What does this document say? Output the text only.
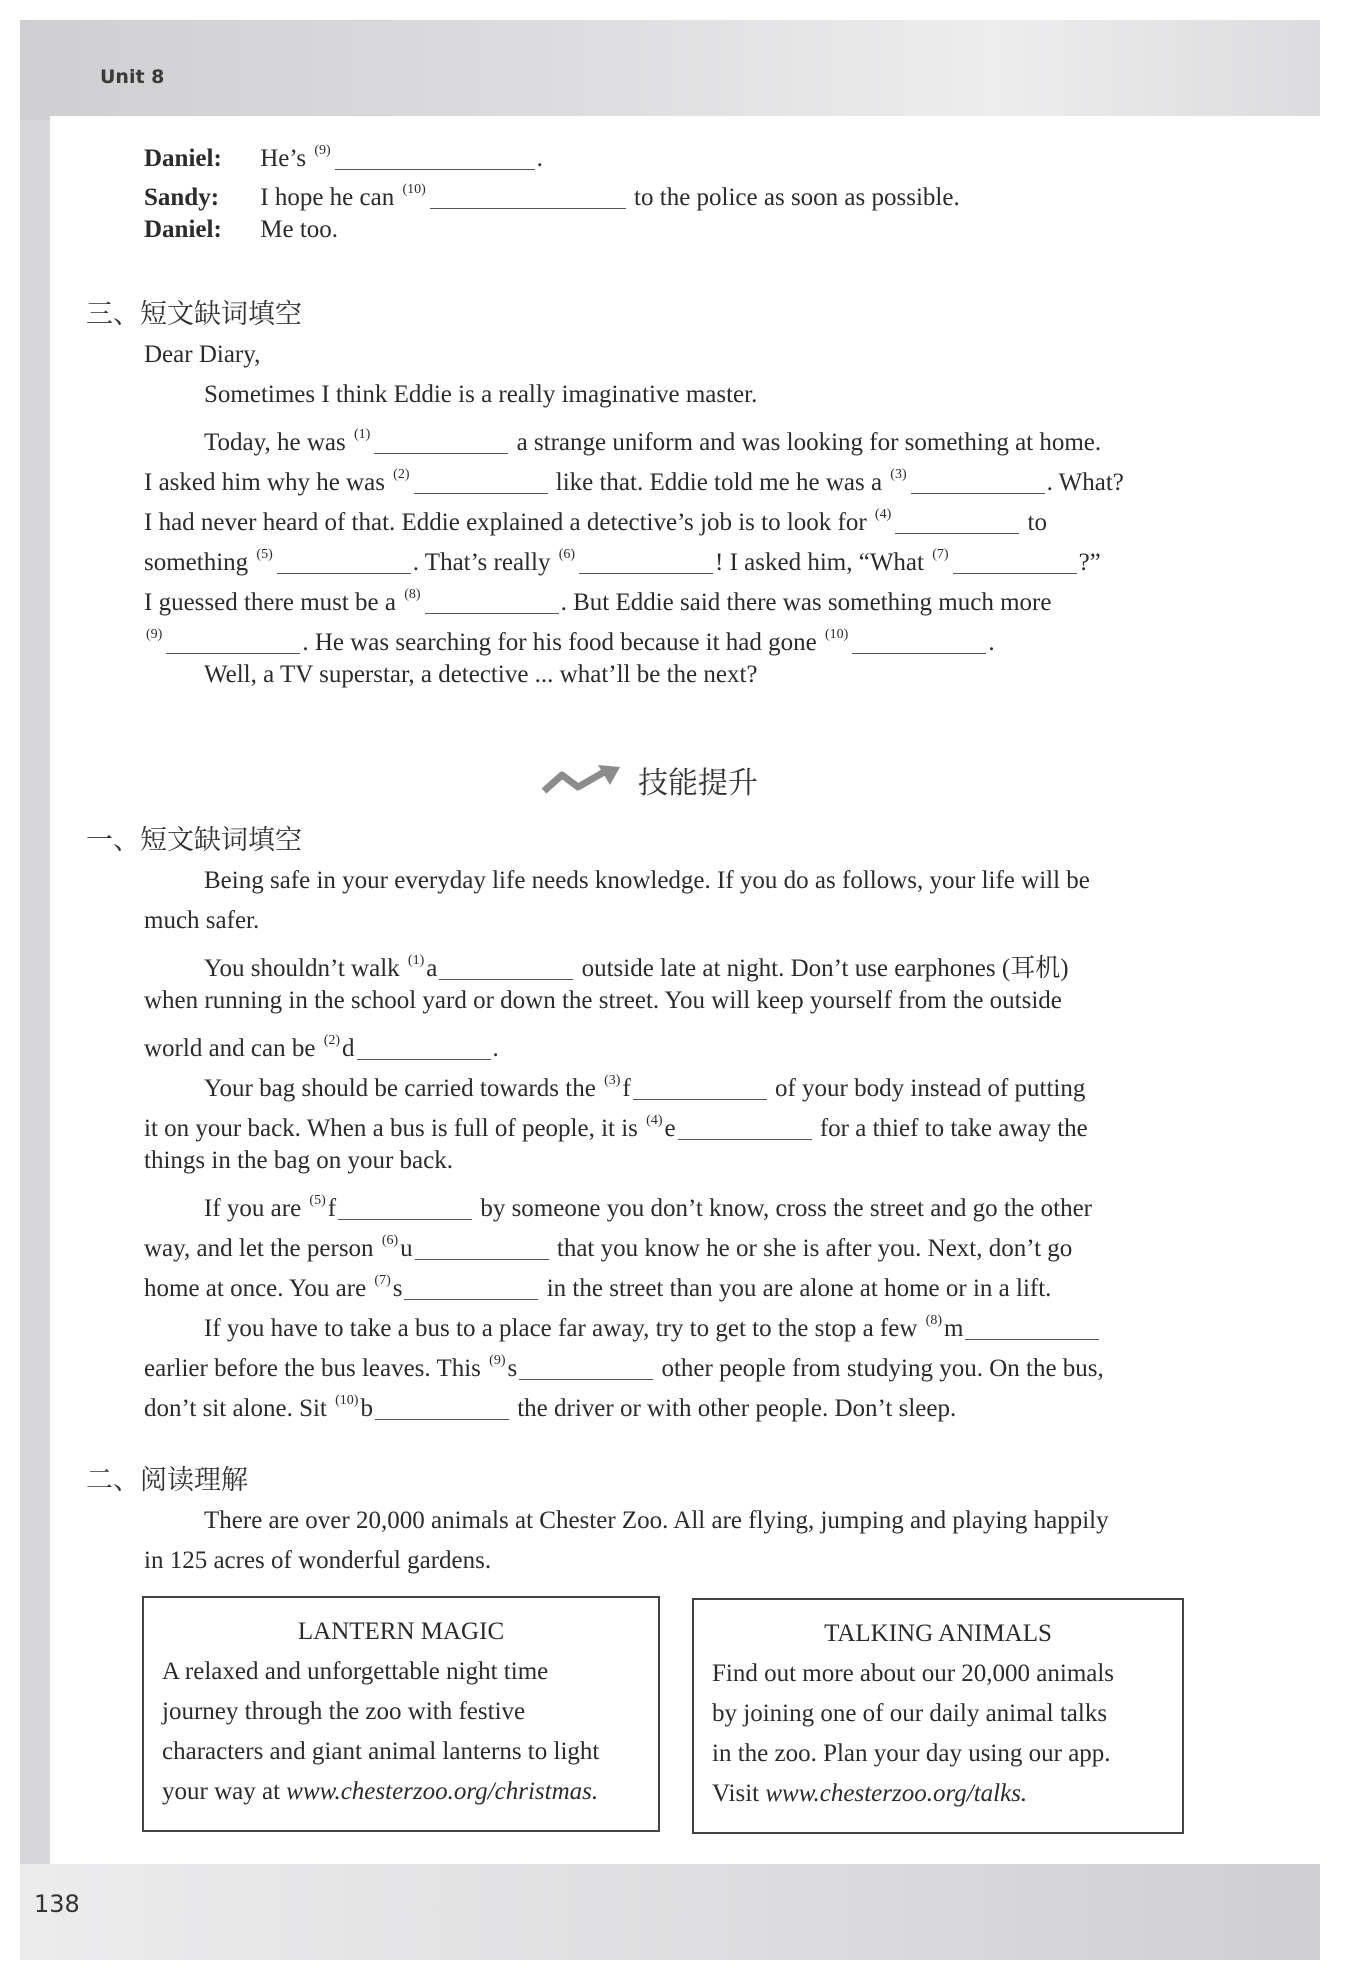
Unit 8
138
Daniel: He’s $^{(9)}$	.
Sandy: I hope he can $^{(10)}$	to the police as soon as possible.
Daniel: Me too.
三、短文缺词填空
Dear Diary,
Sometimes I think Eddie is a really imaginative master.
Today, he was $^{(1)}$	a strange uniform and was looking for something at home.
I asked him why he was $^{(2)}$	like that. Eddie told me he was a $^{(3)}$	. What?
I had never heard of that. Eddie explained a detective’s job is to look for $^{(4)}$	to
something $^{(5)}$	. That’s really $^{(6)}$	! I asked him, “What $^{(7)}$	?”
I guessed there must be a $^{(8)}$	. But Eddie said there was something much more
$^{(9)}$	. He was searching for his food because it had gone $^{(10)}$	.
Well, a TV superstar, a detective ... what’ll be the next?
技能提升
一、短文缺词填空
Being safe in your everyday life needs knowledge. If you do as follows, your life will be
much safer.
You shouldn’t walk $^{(1)}$a	outside late at night. Don’t use earphones (耳机)
when running in the school yard or down the street. You will keep yourself from the outside
world and can be $^{(2)}$d	.
Your bag should be carried towards the $^{(3)}$f	of your body instead of putting
it on your back. When a bus is full of people, it is $^{(4)}$e	for a thief to take away the
things in the bag on your back.
If you are $^{(5)}$f	by someone you don’t know, cross the street and go the other
way, and let the person $^{(6)}$u	that you know he or she is after you. Next, don’t go
home at once. You are $^{(7)}$s	in the street than you are alone at home or in a lift.
If you have to take a bus to a place far away, try to get to the stop a few $^{(8)}$m
earlier before the bus leaves. This $^{(9)}$s	other people from studying you. On the bus,
don’t sit alone. Sit $^{(10)}$b	the driver or with other people. Don’t sleep.
二、阅读理解
There are over 20,000 animals at Chester Zoo. All are flying, jumping and playing happily
in 125 acres of wonderful gardens.
LANTERN MAGIC
A relaxed and unforgettable night time
journey through the zoo with festive
characters and giant animal lanterns to light
your way at www.chesterzoo.org/christmas.
TALKING ANIMALS
Find out more about our 20,000 animals
by joining one of our daily animal talks
in the zoo. Plan your day using our app.
Visit www.chesterzoo.org/talks.
